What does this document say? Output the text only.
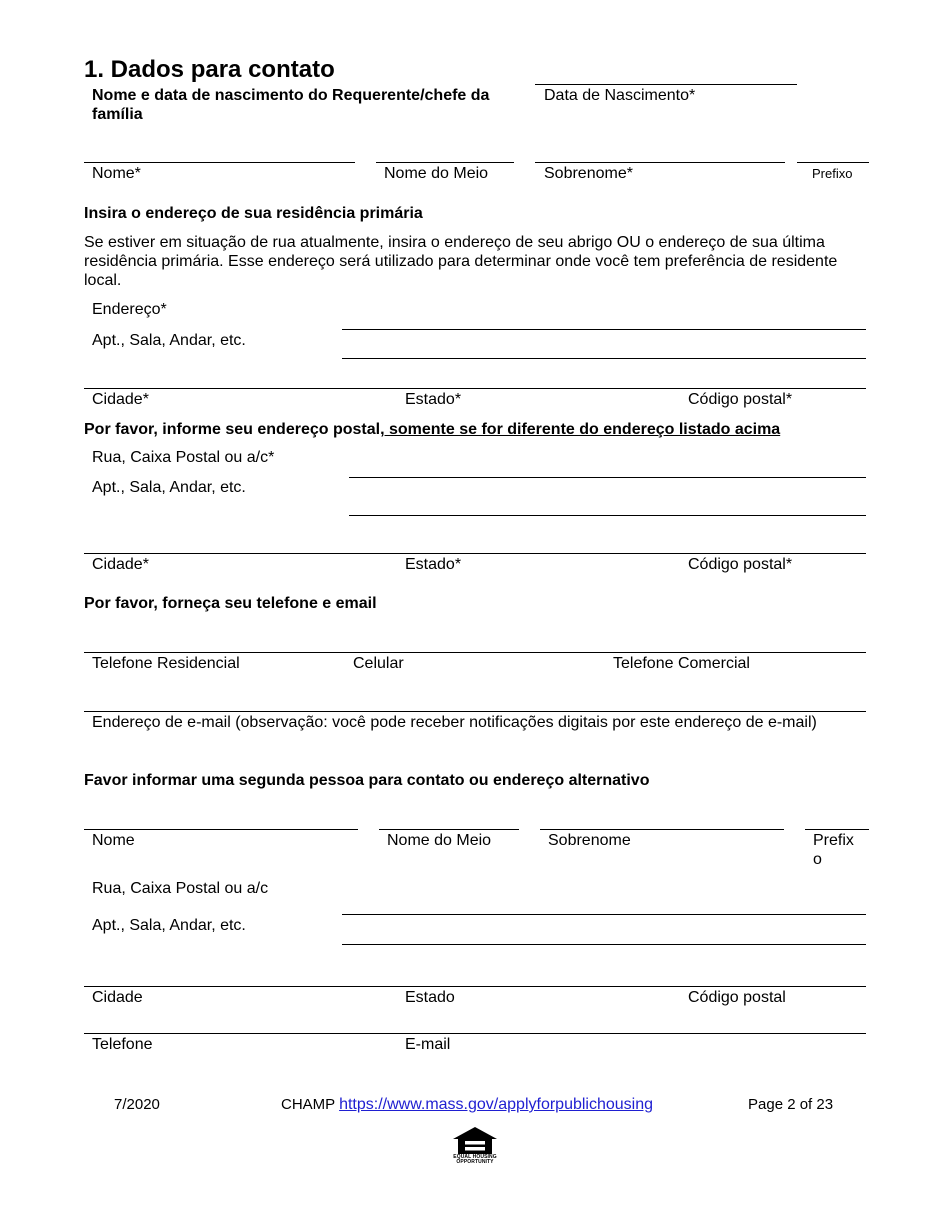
1. Dados para contato
Nome e data de nascimento do Requerente/chefe da família
Data de Nascimento*
Nome*	Nome do Meio	Sobrenome*	Prefixo
Insira o endereço de sua residência primária
Se estiver em situação de rua atualmente, insira o endereço de seu abrigo OU o endereço de sua última residência primária. Esse endereço será utilizado para determinar onde você tem preferência de residente local.
Endereço*
Apt., Sala, Andar, etc.
Cidade*	Estado*	Código postal*
Por favor, informe seu endereço postal, somente se for diferente do endereço listado acima
Rua, Caixa Postal ou a/c*
Apt., Sala, Andar, etc.
Cidade*	Estado*	Código postal*
Por favor, forneça seu telefone e email
Telefone Residencial	Celular	Telefone Comercial
Endereço de e-mail (observação: você pode receber notificações digitais por este endereço de e-mail)
Favor informar uma segunda pessoa para contato ou endereço alternativo
Nome	Nome do Meio	Sobrenome	Prefix o
Rua, Caixa Postal ou a/c
Apt., Sala, Andar, etc.
Cidade	Estado	Código postal
Telefone	E-mail
7/2020	CHAMP https://www.mass.gov/applyforpublichousing	Page 2 of 23
EQUAL HOUSING OPPORTUNITY
